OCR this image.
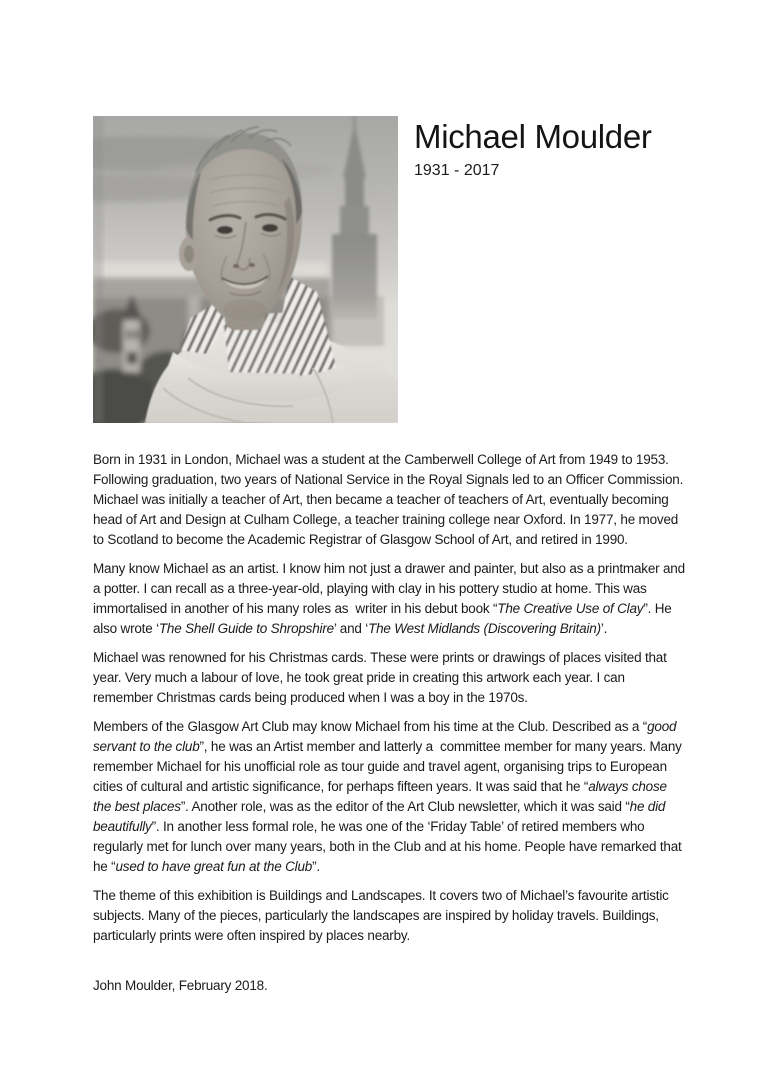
Michael Moulder
1931 - 2017

Born in 1931 in London, Michael was a student at the Camberwell College of Art from 1949 to 1953. Following graduation, two years of National Service in the Royal Signals led to an Officer Commission. Michael was initially a teacher of Art, then became a teacher of teachers of Art, eventually becoming head of Art and Design at Culham College, a teacher training college near Oxford. In 1977, he moved to Scotland to become the Academic Registrar of Glasgow School of Art, and retired in 1990.

Many know Michael as an artist. I know him not just a drawer and painter, but also as a printmaker and a potter. I can recall as a three-year-old, playing with clay in his pottery studio at home. This was immortalised in another of his many roles as  writer in his debut book “The Creative Use of Clay”. He also wrote ‘The Shell Guide to Shropshire’ and ‘The West Midlands (Discovering Britain)’.

Michael was renowned for his Christmas cards. These were prints or drawings of places visited that year. Very much a labour of love, he took great pride in creating this artwork each year. I can remember Christmas cards being produced when I was a boy in the 1970s.

Members of the Glasgow Art Club may know Michael from his time at the Club. Described as a “good servant to the club”, he was an Artist member and latterly a  committee member for many years. Many remember Michael for his unofficial role as tour guide and travel agent, organising trips to European cities of cultural and artistic significance, for perhaps fifteen years. It was said that he “always chose the best places”. Another role, was as the editor of the Art Club newsletter, which it was said “he did beautifully”. In another less formal role, he was one of the ‘Friday Table’ of retired members who regularly met for lunch over many years, both in the Club and at his home. People have remarked that he “used to have great fun at the Club”.

The theme of this exhibition is Buildings and Landscapes. It covers two of Michael’s favourite artistic subjects. Many of the pieces, particularly the landscapes are inspired by holiday travels. Buildings, particularly prints were often inspired by places nearby.

John Moulder, February 2018.
